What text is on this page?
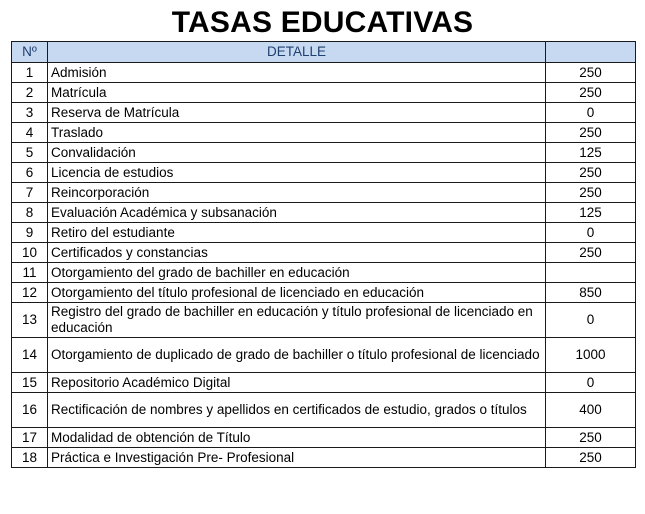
TASAS EDUCATIVAS
Nº	DETALLE	
1	Admisión	250
2	Matrícula	250
3	Reserva de Matrícula	0
4	Traslado	250
5	Convalidación	125
6	Licencia de estudios	250
7	Reincorporación	250
8	Evaluación Académica y subsanación	125
9	Retiro del estudiante	0
10	Certificados y constancias	250
11	Otorgamiento del grado de bachiller en educación	
12	Otorgamiento del título profesional de licenciado en educación	850
13	Registro del grado de bachiller en educación y título profesional de licenciado en educación	0
14	Otorgamiento de duplicado de grado de bachiller o título profesional de licenciado	1000
15	Repositorio Académico Digital	0
16	Rectificación de nombres y apellidos en certificados de estudio, grados o títulos	400
17	Modalidad de obtención de Título	250
18	Práctica e Investigación Pre- Profesional	250
